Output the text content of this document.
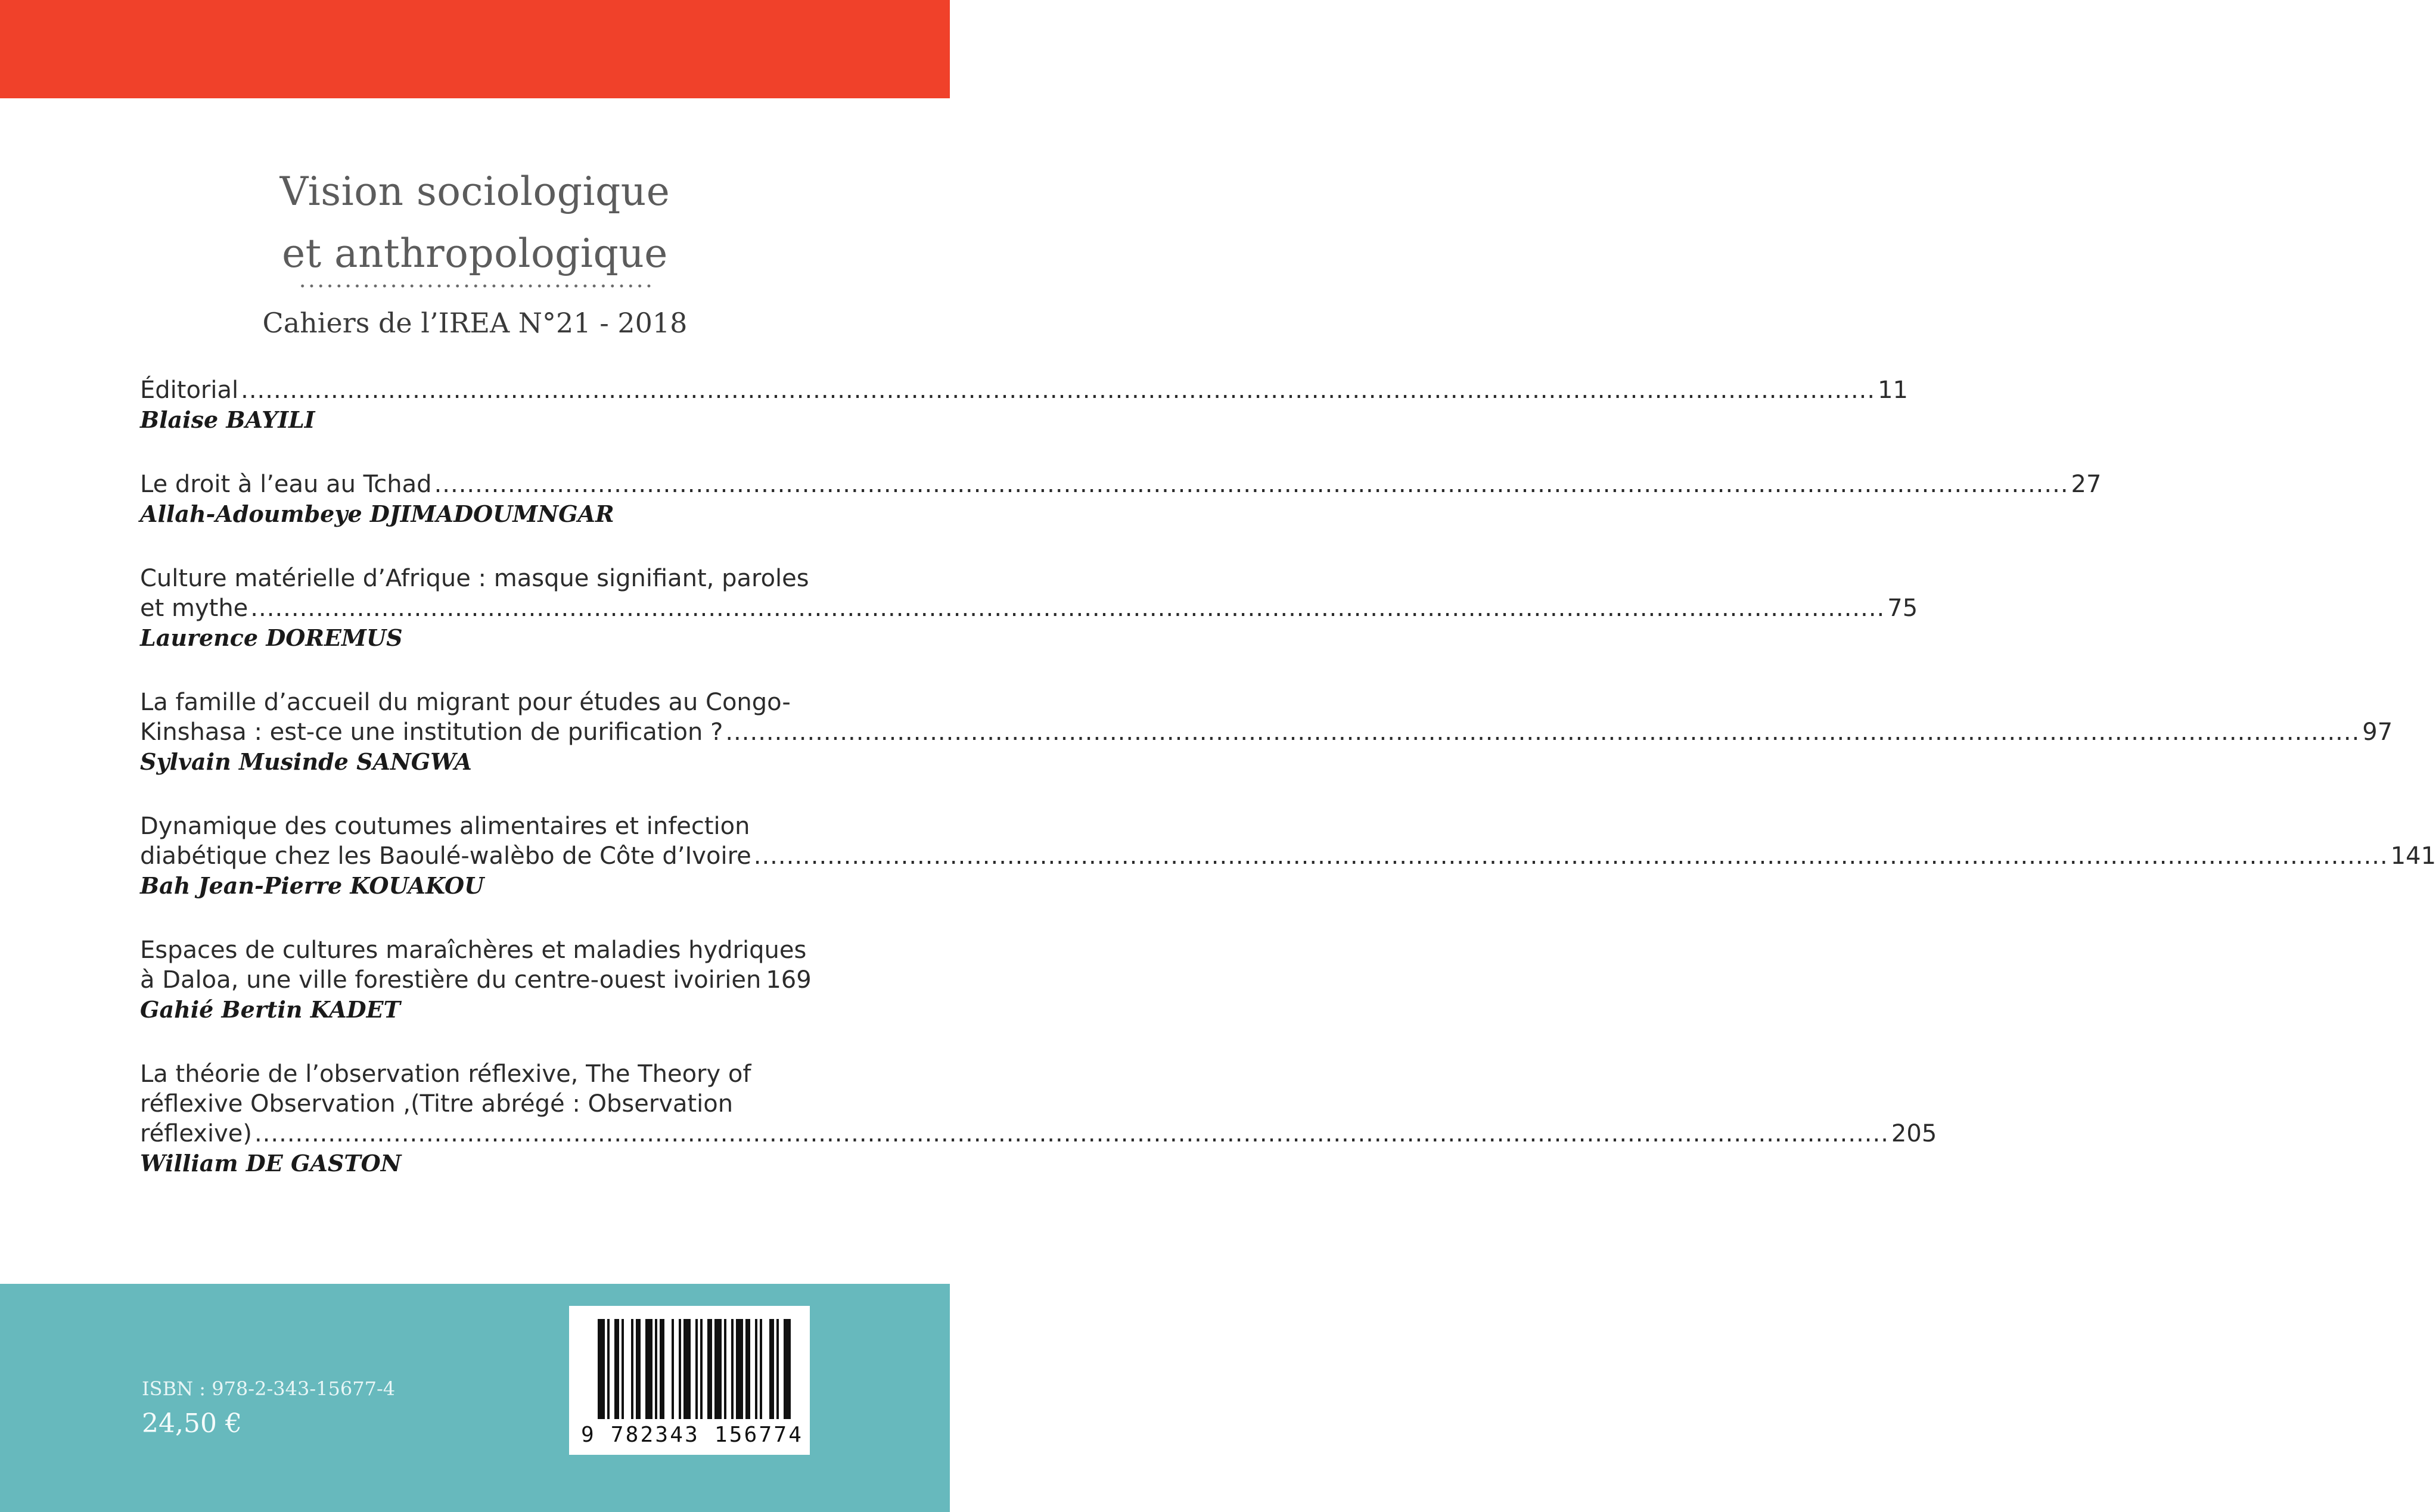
Vision sociologique
et anthropologique
Cahiers de l’IREA N°21 - 2018
Éditorial ........................................................................................................................................................................................................ 11
Blaise BAYILI
Le droit à l’eau au Tchad ........................................................................................................................................................................................................ 27
Allah-Adoumbeye DJIMADOUMNGAR
Culture matérielle d’Afrique : masque signifiant, paroles
et mythe ........................................................................................................................................................................................................ 75
Laurence DOREMUS
La famille d’accueil du migrant pour études au Congo-
Kinshasa : est-ce une institution de purification ? ........................................................................................................................................................................................................ 97
Sylvain Musinde SANGWA
Dynamique des coutumes alimentaires et infection
diabétique chez les Baoulé-walèbo de Côte d’Ivoire ........................................................................................................................................................................................................ 141
Bah Jean-Pierre KOUAKOU
Espaces de cultures maraîchères et maladies hydriques
à Daloa, une ville forestière du centre-ouest ivoirien 169
Gahié Bertin KADET
La théorie de l’observation réflexive, The Theory of
réflexive Observation ,(Titre abrégé : Observation
réflexive) ........................................................................................................................................................................................................ 205
William DE GASTON
ISBN : 978-2-343-15677-4
24,50 €	9 782343 156774
